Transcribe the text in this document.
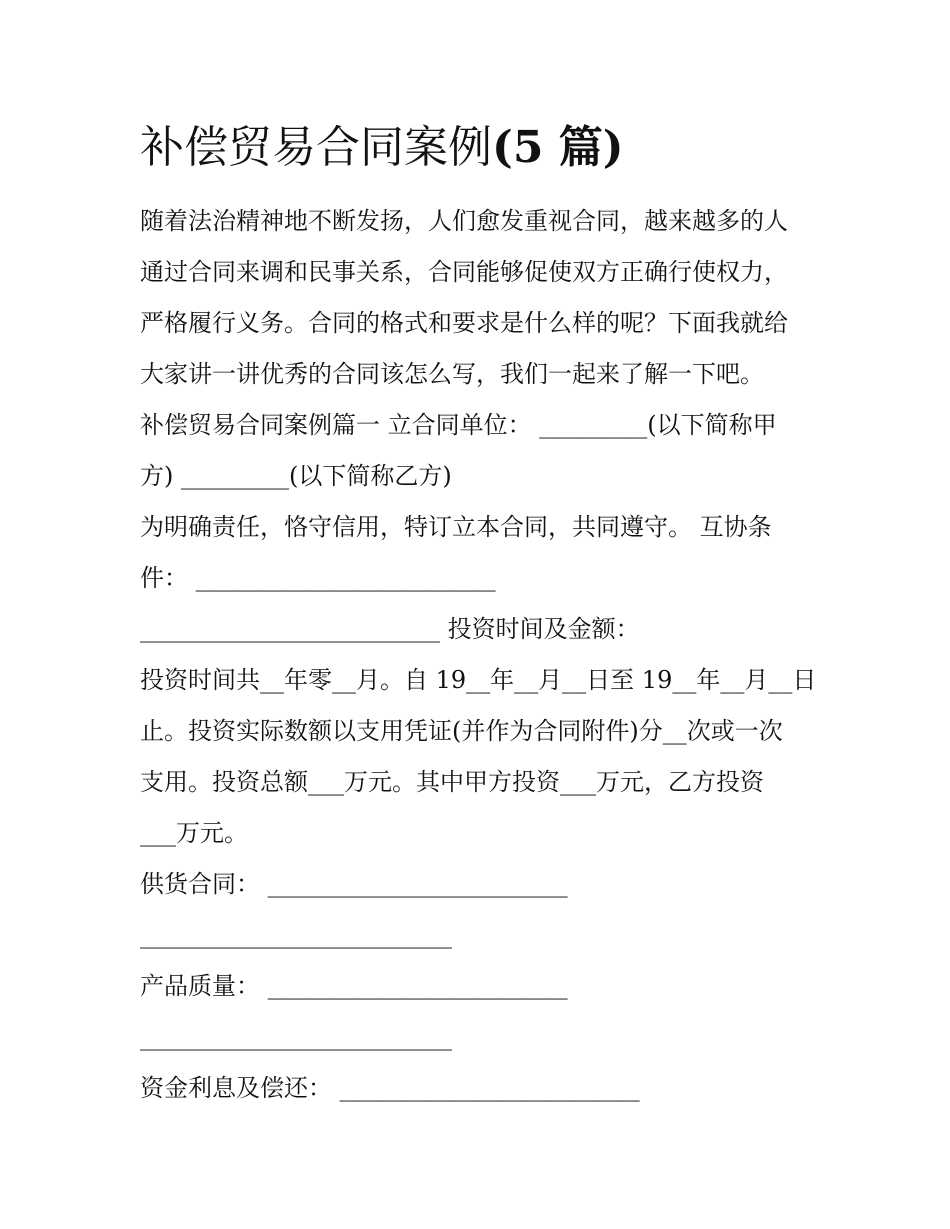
补偿贸易合同案例(5 篇)
随着法治精神地不断发扬，人们愈发重视合同，越来越多的人
通过合同来调和民事关系，合同能够促使双方正确行使权力，
严格履行义务。合同的格式和要求是什么样的呢？下面我就给
大家讲一讲优秀的合同该怎么写，我们一起来了解一下吧。
补偿贸易合同案例篇一 立合同单位： _________(以下简称甲
方) _________(以下简称乙方)
为明确责任，恪守信用，特订立本合同，共同遵守。 互协条
件： _________________________
_________________________ 投资时间及金额：
投资时间共__年零__月。自 19__年__月__日至 19__年__月__日
止。投资实际数额以支用凭证(并作为合同附件)分__次或一次
支用。投资总额___万元。其中甲方投资___万元，乙方投资
___万元。
供货合同： _________________________
__________________________
产品质量： _________________________
__________________________
资金利息及偿还： _________________________
